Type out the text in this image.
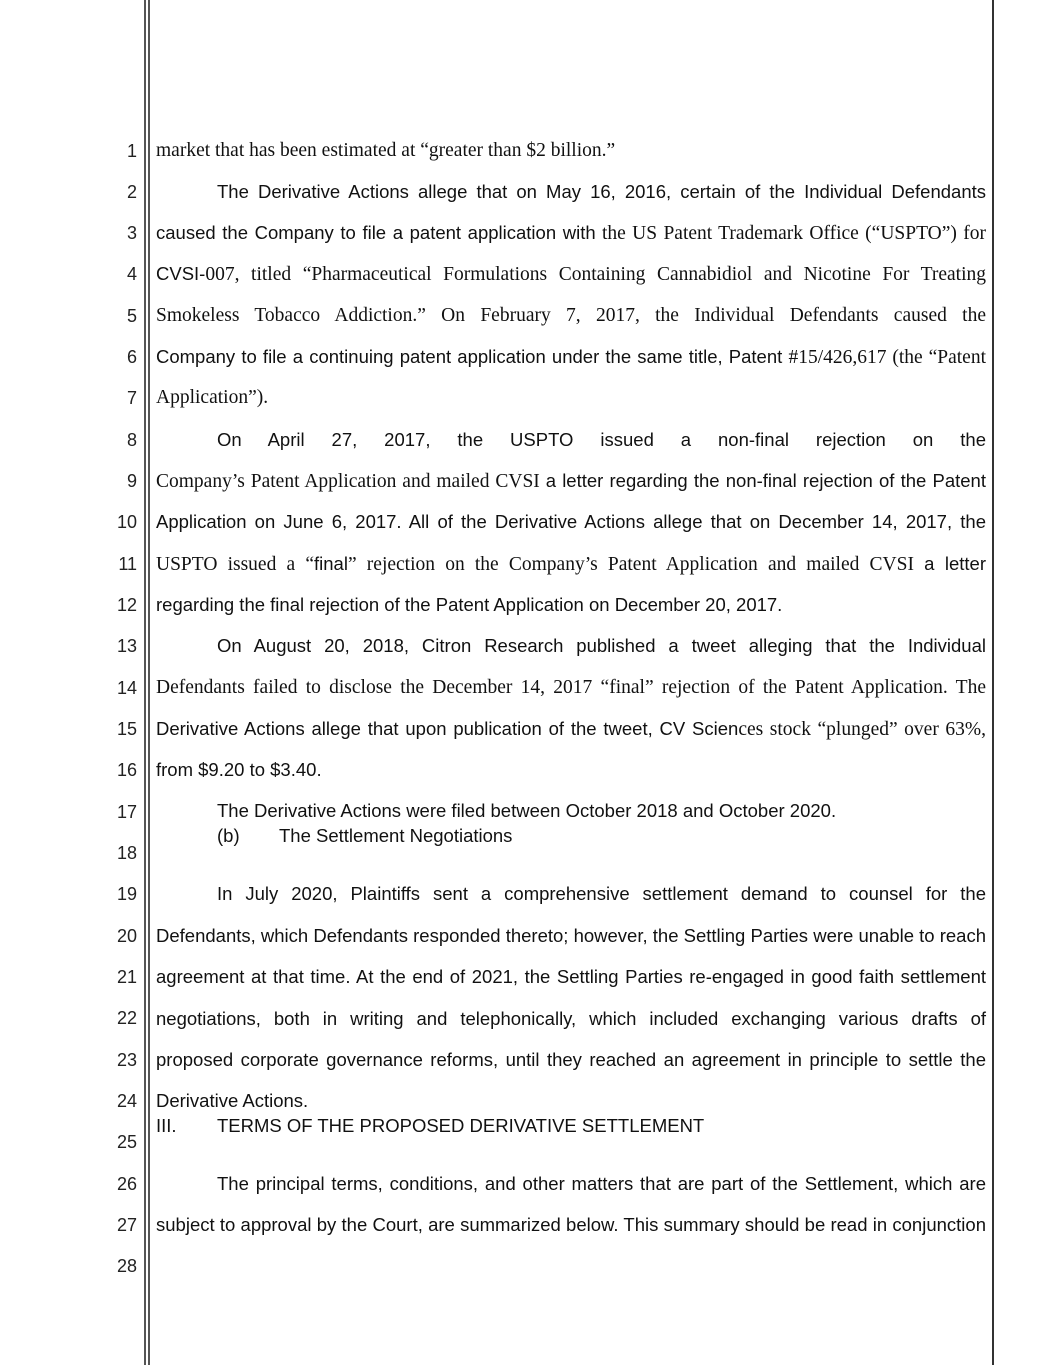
1
2
3
4
5
6
7
8
9
10
11
12
13
14
15
16
17
18
19
20
21
22
23
24
25
26
27
28
market that has been estimated at “greater than $2 billion.”
The Derivative Actions allege that on May 16, 2016, certain of the Individual Defendants
caused the Company to file a patent application with the US Patent Trademark Office (“USPTO”) for
CVSI-007, titled “Pharmaceutical Formulations Containing Cannabidiol and Nicotine For Treating
Smokeless Tobacco Addiction.” On February 7, 2017, the Individual Defendants caused the
Company to file a continuing patent application under the same title, Patent #15/426,617 (the “Patent
Application”).
On April 27, 2017, the USPTO issued a non-final rejection on the
Company’s Patent Application and mailed CVSI a letter regarding the non-final rejection of the Patent
Application on June 6, 2017. All of the Derivative Actions allege that on December 14, 2017, the
USPTO issued a “final” rejection on the Company’s Patent Application and mailed CVSI a letter
regarding the final rejection of the Patent Application on December 20, 2017.
On August 20, 2018, Citron Research published a tweet alleging that the Individual
Defendants failed to disclose the December 14, 2017 “final” rejection of the Patent Application. The
Derivative Actions allege that upon publication of the tweet, CV Sciences stock “plunged” over 63%,
from $9.20 to $3.40.
The Derivative Actions were filed between October 2018 and October 2020.
(b) The Settlement Negotiations
In July 2020, Plaintiffs sent a comprehensive settlement demand to counsel for the
Defendants, which Defendants responded thereto; however, the Settling Parties were unable to reach
agreement at that time. At the end of 2021, the Settling Parties re-engaged in good faith settlement
negotiations, both in writing and telephonically, which included exchanging various drafts of
proposed corporate governance reforms, until they reached an agreement in principle to settle the
Derivative Actions.
III. TERMS OF THE PROPOSED DERIVATIVE SETTLEMENT
The principal terms, conditions, and other matters that are part of the Settlement, which are
subject to approval by the Court, are summarized below. This summary should be read in conjunction
